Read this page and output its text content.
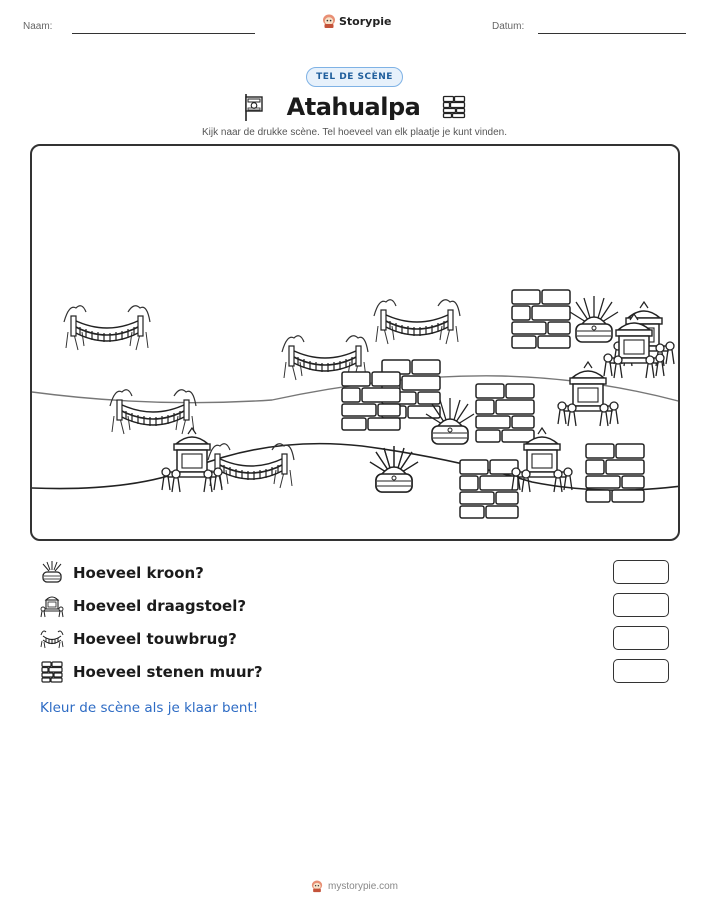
Naam:	Storypie	Datum:
TEL DE SCÈNE
Atahualpa
Kijk naar de drukke scène. Tel hoeveel van elk plaatje je kunt vinden.
Hoeveel kroon?
Hoeveel draagstoel?
Hoeveel touwbrug?
Hoeveel stenen muur?
Kleur de scène als je klaar bent!
mystorypie.com
